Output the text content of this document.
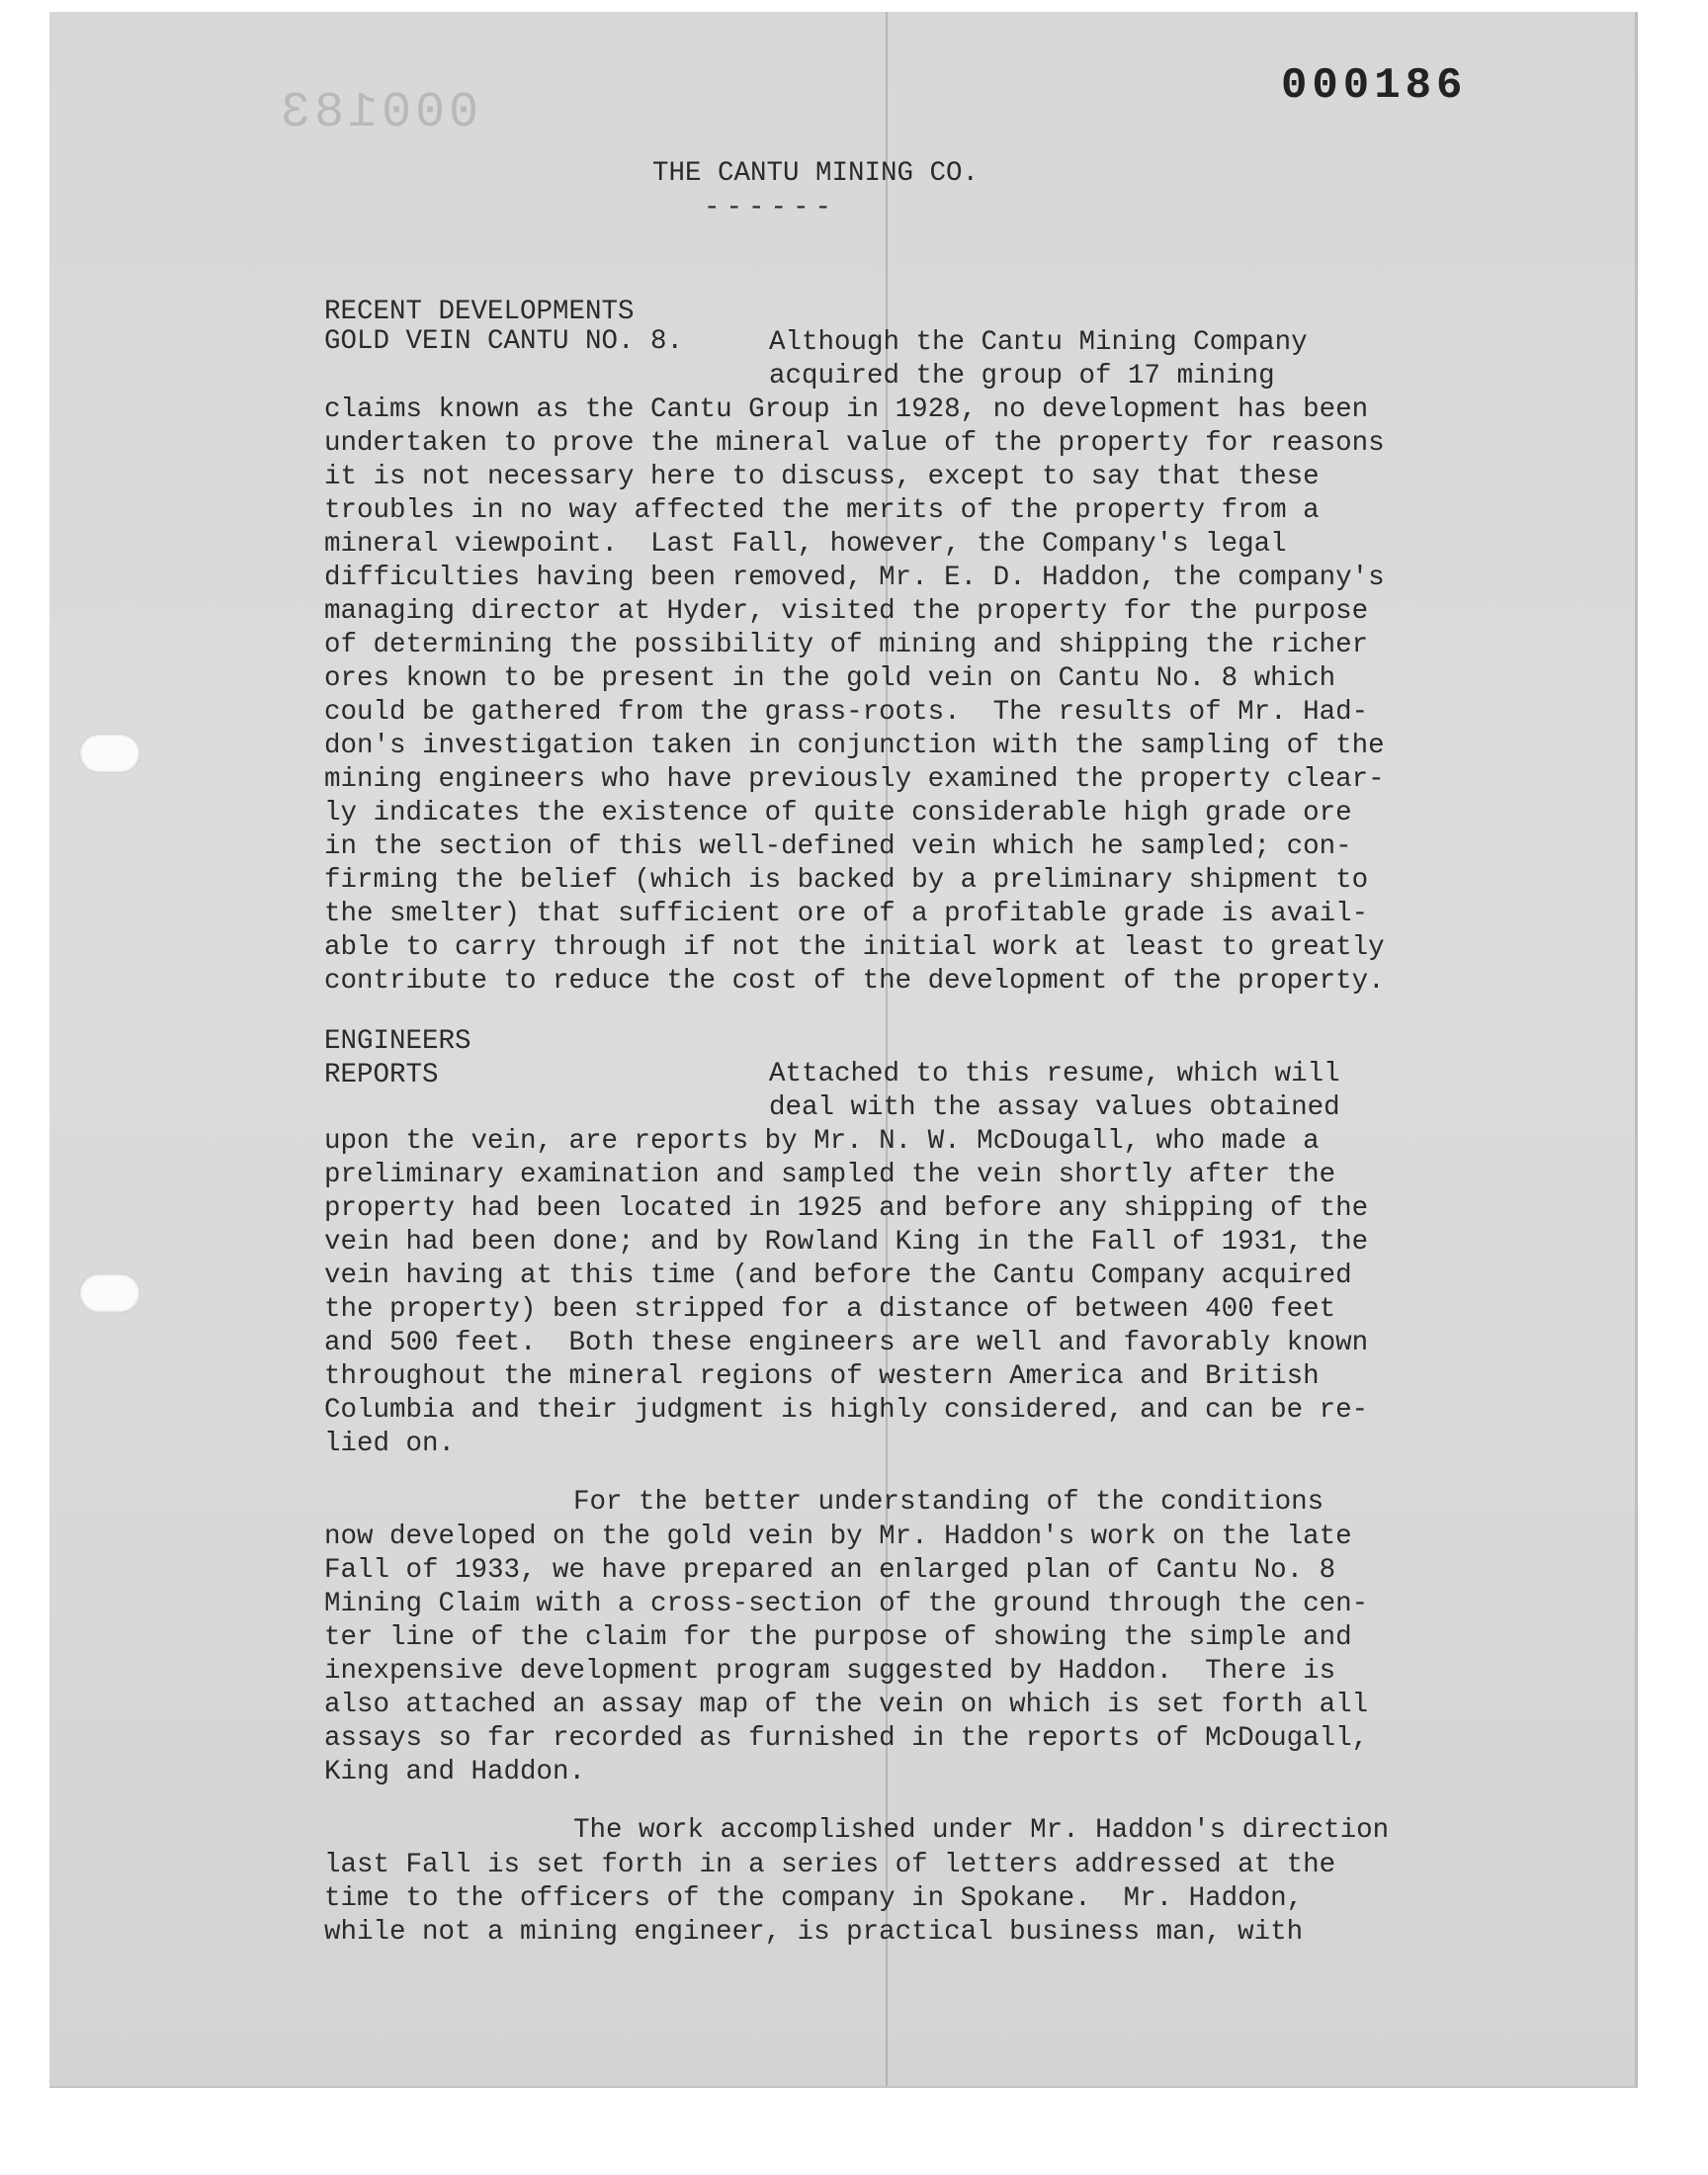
000183	000186
THE CANTU MINING CO.
------
RECENT DEVELOPMENTS
GOLD VEIN CANTU NO. 8.	Although the Cantu Mining Company
acquired the group of 17 mining
claims known as the Cantu Group in 1928, no development has been
undertaken to prove the mineral value of the property for reasons
it is not necessary here to discuss, except to say that these
troubles in no way affected the merits of the property from a
mineral viewpoint.  Last Fall, however, the Company's legal
difficulties having been removed, Mr. E. D. Haddon, the company's
managing director at Hyder, visited the property for the purpose
of determining the possibility of mining and shipping the richer
ores known to be present in the gold vein on Cantu No. 8 which
could be gathered from the grass-roots.  The results of Mr. Had-
don's investigation taken in conjunction with the sampling of the
mining engineers who have previously examined the property clear-
ly indicates the existence of quite considerable high grade ore
in the section of this well-defined vein which he sampled; con-
firming the belief (which is backed by a preliminary shipment to
the smelter) that sufficient ore of a profitable grade is avail-
able to carry through if not the initial work at least to greatly
contribute to reduce the cost of the development of the property.
ENGINEERS
REPORTS	Attached to this resume, which will
deal with the assay values obtained
upon the vein, are reports by Mr. N. W. McDougall, who made a
preliminary examination and sampled the vein shortly after the
property had been located in 1925 and before any shipping of the
vein had been done; and by Rowland King in the Fall of 1931, the
vein having at this time (and before the Cantu Company acquired
the property) been stripped for a distance of between 400 feet
and 500 feet.  Both these engineers are well and favorably known
throughout the mineral regions of western America and British
Columbia and their judgment is highly considered, and can be re-
lied on.
For the better understanding of the conditions
now developed on the gold vein by Mr. Haddon's work on the late
Fall of 1933, we have prepared an enlarged plan of Cantu No. 8
Mining Claim with a cross-section of the ground through the cen-
ter line of the claim for the purpose of showing the simple and
inexpensive development program suggested by Haddon.  There is
also attached an assay map of the vein on which is set forth all
assays so far recorded as furnished in the reports of McDougall,
King and Haddon.
The work accomplished under Mr. Haddon's direction
last Fall is set forth in a series of letters addressed at the
time to the officers of the company in Spokane.  Mr. Haddon,
while not a mining engineer, is practical business man, with
